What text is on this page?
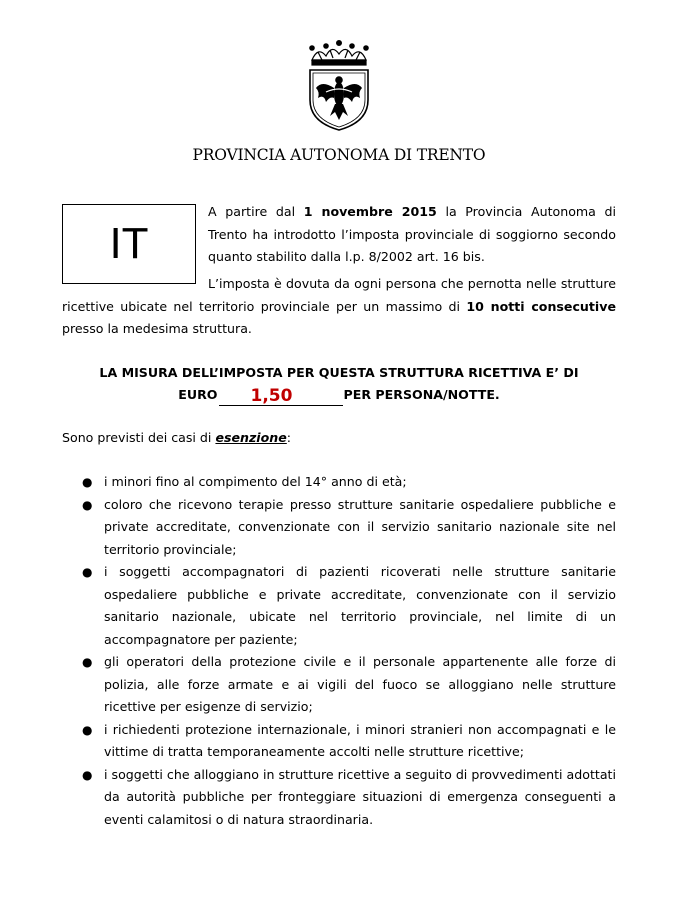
PROVINCIA AUTONOMA DI TRENTO
IT
A partire dal 1 novembre 2015 la Provincia Autonoma di Trento ha introdotto l’imposta provinciale di soggiorno secondo quanto stabilito dalla l.p. 8/2002 art. 16 bis.
L’imposta è dovuta da ogni persona che pernotta nelle strutture ricettive ubicate nel territorio provinciale per un massimo di 10 notti consecutive presso la medesima struttura.
LA MISURA DELL’IMPOSTA PER QUESTA STRUTTURA RICETTIVA E’ DI
EURO 1,50	PER PERSONA/NOTTE.
Sono previsti dei casi di esenzione:
● i minori fino al compimento del 14° anno di età;
● coloro che ricevono terapie presso strutture sanitarie ospedaliere pubbliche e private accreditate, convenzionate con il servizio sanitario nazionale site nel territorio provinciale;
● i soggetti accompagnatori di pazienti ricoverati nelle strutture sanitarie ospedaliere pubbliche e private accreditate, convenzionate con il servizio sanitario nazionale, ubicate nel territorio provinciale, nel limite di un accompagnatore per paziente;
● gli operatori della protezione civile e il personale appartenente alle forze di polizia, alle forze armate e ai vigili del fuoco se alloggiano nelle strutture ricettive per esigenze di servizio;
● i richiedenti protezione internazionale, i minori stranieri non accompagnati e le vittime di tratta temporaneamente accolti nelle strutture ricettive;
● i soggetti che alloggiano in strutture ricettive a seguito di provvedimenti adottati da autorità pubbliche per fronteggiare situazioni di emergenza conseguenti a eventi calamitosi o di natura straordinaria.
